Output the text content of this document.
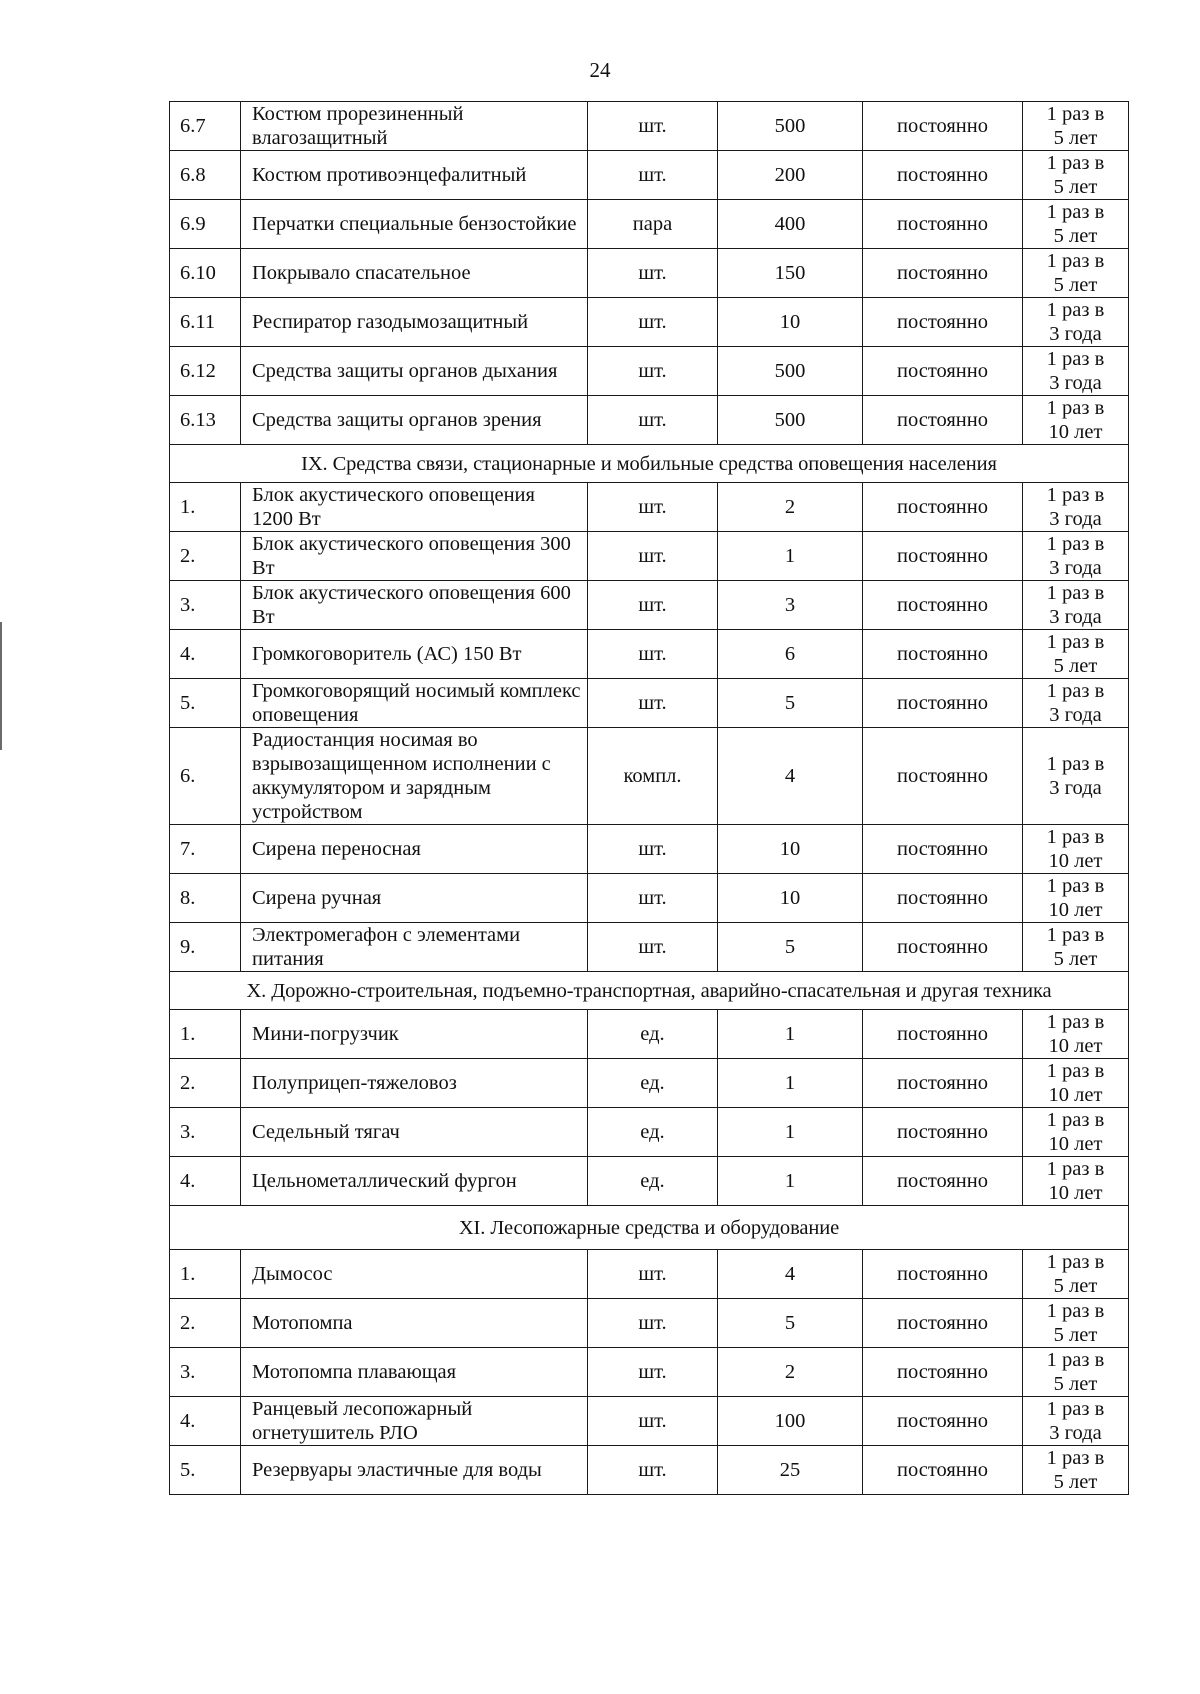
24
6.7	Костюм прорезиненный влагозащитный	шт.	500	постоянно	1 раз в
5 лет

6.8	Костюм противоэнцефалитный	шт.	200	постоянно	1 раз в
5 лет

6.9	Перчатки специальные бензостойкие	пара	400	постоянно	1 раз в
5 лет

6.10	Покрывало спасательное	шт.	150	постоянно	1 раз в
5 лет

6.11	Респиратор газодымозащитный	шт.	10	постоянно	1 раз в
3 года

6.12	Средства защиты органов дыхания	шт.	500	постоянно	1 раз в
3 года

6.13	Средства защиты органов зрения	шт.	500	постоянно	1 раз в
10 лет

IX. Средства связи, стационарные и мобильные средства оповещения населения					
1.	Блок акустического оповещения 1200 Вт	шт.	2	постоянно	1 раз в
3 года

2.	Блок акустического оповещения 300 Вт	шт.	1	постоянно	1 раз в
3 года

3.	Блок акустического оповещения 600 Вт	шт.	3	постоянно	1 раз в
3 года

4.	Громкоговоритель (АС) 150 Вт	шт.	6	постоянно	1 раз в
5 лет

5.	Громкоговорящий носимый комплекс оповещения	шт.	5	постоянно	1 раз в
3 года

6.	Радиостанция носимая во взрывозащищенном исполнении с аккумулятором и зарядным устройством	компл.	4	постоянно	1 раз в
3 года

7.	Сирена переносная	шт.	10	постоянно	1 раз в
10 лет

8.	Сирена ручная	шт.	10	постоянно	1 раз в
10 лет

9.	Электромегафон с элементами питания	шт.	5	постоянно	1 раз в
5 лет

X. Дорожно-строительная, подъемно-транспортная, аварийно-спасательная и другая техника					
1.	Мини-погрузчик	ед.	1	постоянно	1 раз в
10 лет

2.	Полуприцеп-тяжеловоз	ед.	1	постоянно	1 раз в
10 лет

3.	Седельный тягач	ед.	1	постоянно	1 раз в
10 лет

4.	Цельнометаллический фургон	ед.	1	постоянно	1 раз в
10 лет

XI. Лесопожарные средства и оборудование					
1.	Дымосос	шт.	4	постоянно	1 раз в
5 лет

2.	Мотопомпа	шт.	5	постоянно	1 раз в
5 лет

3.	Мотопомпа плавающая	шт.	2	постоянно	1 раз в
5 лет

4.	Ранцевый лесопожарный огнетушитель РЛО	шт.	100	постоянно	1 раз в
3 года

5.	Резервуары эластичные для воды	шт.	25	постоянно	1 раз в
5 лет
